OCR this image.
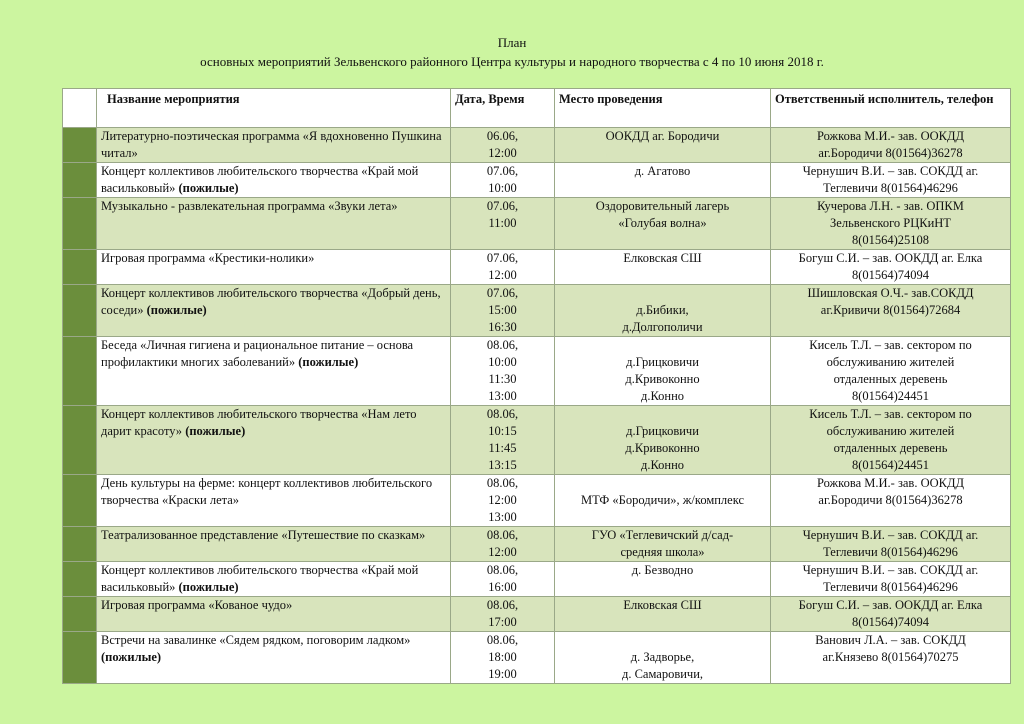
План
основных мероприятий Зельвенского районного Центра культуры и народного творчества с 4 по 10 июня 2018 г.
	Название мероприятия	Дата, Время	Место проведения	Ответственный исполнитель, телефон
	Литературно-поэтическая программа «Я вдохновенно Пушкина читал»	06.06,
12:00	ООКДД аг. Бородичи	Рожкова М.И.- зав. ООКДД
аг.Бородичи 8(01564)36278

	Концерт коллективов любительского творчества «Край мой васильковый» (пожилые)	07.06,
10:00	д. Агатово	Чернушич В.И. – зав. СОКДД аг.
Теглевичи 8(01564)46296

	Музыкально - развлекательная программа «Звуки лета»	07.06,
11:00	Оздоровительный лагерь
«Голубая волна»	Кучерова Л.Н. - зав. ОПКМ
Зельвенского РЦКиНТ
8(01564)25108

	Игровая программа «Крестики-нолики»	07.06,
12:00	Елковская СШ	Богуш С.И. – зав. ООКДД аг. Елка
8(01564)74094

	Концерт коллективов любительского творчества «Добрый день, соседи» (пожилые)	07.06,
15:00
16:30	д.Бибики,
д.Долгополичи	Шишловская О.Ч.- зав.СОКДД
аг.Кривичи 8(01564)72684

	Беседа «Личная гигиена и рациональное питание – основа профилактики многих заболеваний» (пожилые)	08.06,
10:00
11:30
13:00	д.Грицковичи
д.Кривоконно
д.Конно	Кисель Т.Л. – зав. сектором по
обслуживанию жителей
отдаленных деревень
8(01564)24451

	Концерт коллективов любительского творчества «Нам лето дарит красоту» (пожилые)	08.06,
10:15
11:45
13:15	д.Грицковичи
д.Кривоконно
д.Конно	Кисель Т.Л. – зав. сектором по
обслуживанию жителей
отдаленных деревень
8(01564)24451

	День культуры на ферме: концерт коллективов любительского творчества «Краски лета»	08.06,
12:00
13:00	МТФ «Бородичи», ж/комплекс	Рожкова М.И.- зав. ООКДД
аг.Бородичи 8(01564)36278

	Театрализованное представление «Путешествие по сказкам»	08.06,
12:00	ГУО «Теглевичский д/сад-
средняя школа»	Чернушич В.И. – зав. СОКДД аг.
Теглевичи 8(01564)46296

	Концерт коллективов любительского творчества «Край мой васильковый» (пожилые)	08.06,
16:00	д. Безводно	Чернушич В.И. – зав. СОКДД аг.
Теглевичи 8(01564)46296

	Игровая программа «Кованое чудо»	08.06,
17:00	Елковская СШ	Богуш С.И. – зав. ООКДД аг. Елка
8(01564)74094

	Встречи на завалинке «Сядем рядком, поговорим ладком» (пожилые)	08.06,
18:00
19:00	д. Задворье,
д. Самаровичи,	Ванович Л.А. – зав. СОКДД
аг.Князево 8(01564)70275
